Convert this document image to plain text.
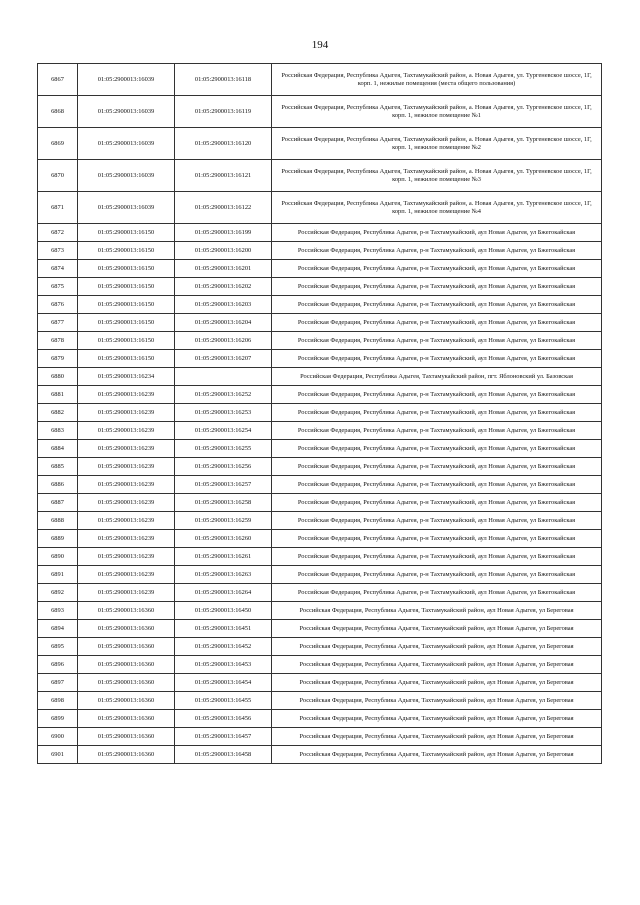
194
6867	01:05:2900013:16039	01:05:2900013:16118	Российская Федерация, Республика Адыгея, Тахтамукайский район, а. Новая Адыгея, ул. Тургеневское шоссе, 1Г, корп. 1, нежилые помещения (места общего пользования)
6868	01:05:2900013:16039	01:05:2900013:16119	Российская Федерация, Республика Адыгея, Тахтамукайский район, а. Новая Адыгея, ул. Тургеневское шоссе, 1Г, корп. 1, нежилое помещение №1
6869	01:05:2900013:16039	01:05:2900013:16120	Российская Федерация, Республика Адыгея, Тахтамукайский район, а. Новая Адыгея, ул. Тургеневское шоссе, 1Г, корп. 1, нежилое помещение №2
6870	01:05:2900013:16039	01:05:2900013:16121	Российская Федерация, Республика Адыгея, Тахтамукайский район, а. Новая Адыгея, ул. Тургеневское шоссе, 1Г, корп. 1, нежилое помещение №3
6871	01:05:2900013:16039	01:05:2900013:16122	Российская Федерация, Республика Адыгея, Тахтамукайский район, а. Новая Адыгея, ул. Тургеневское шоссе, 1Г, корп. 1, нежилое помещение №4
6872	01:05:2900013:16150	01:05:2900013:16199	Российская Федерация, Республика Адыгея, р-н Тахтамукайский, аул Новая Адыгея, ул Бжегокайская
6873	01:05:2900013:16150	01:05:2900013:16200	Российская Федерация, Республика Адыгея, р-н Тахтамукайский, аул Новая Адыгея, ул Бжегокайская
6874	01:05:2900013:16150	01:05:2900013:16201	Российская Федерация, Республика Адыгея, р-н Тахтамукайский, аул Новая Адыгея, ул Бжегокайская
6875	01:05:2900013:16150	01:05:2900013:16202	Российская Федерация, Республика Адыгея, р-н Тахтамукайский, аул Новая Адыгея, ул Бжегокайская
6876	01:05:2900013:16150	01:05:2900013:16203	Российская Федерация, Республика Адыгея, р-н Тахтамукайский, аул Новая Адыгея, ул Бжегокайская
6877	01:05:2900013:16150	01:05:2900013:16204	Российская Федерация, Республика Адыгея, р-н Тахтамукайский, аул Новая Адыгея, ул Бжегокайская
6878	01:05:2900013:16150	01:05:2900013:16206	Российская Федерация, Республика Адыгея, р-н Тахтамукайский, аул Новая Адыгея, ул Бжегокайская
6879	01:05:2900013:16150	01:05:2900013:16207	Российская Федерация, Республика Адыгея, р-н Тахтамукайский, аул Новая Адыгея, ул Бжегокайская
6880	01:05:2900013:16234		Российская Федерация, Республика Адыгея, Тахтамукайский район, пгт. Яблоновский ул. Базовская
6881	01:05:2900013:16239	01:05:2900013:16252	Российская Федерация, Республика Адыгея, р-н Тахтамукайский, аул Новая Адыгея, ул Бжегокайская
6882	01:05:2900013:16239	01:05:2900013:16253	Российская Федерация, Республика Адыгея, р-н Тахтамукайский, аул Новая Адыгея, ул Бжегокайская
6883	01:05:2900013:16239	01:05:2900013:16254	Российская Федерация, Республика Адыгея, р-н Тахтамукайский, аул Новая Адыгея, ул Бжегокайская
6884	01:05:2900013:16239	01:05:2900013:16255	Российская Федерация, Республика Адыгея, р-н Тахтамукайский, аул Новая Адыгея, ул Бжегокайская
6885	01:05:2900013:16239	01:05:2900013:16256	Российская Федерация, Республика Адыгея, р-н Тахтамукайский, аул Новая Адыгея, ул Бжегокайская
6886	01:05:2900013:16239	01:05:2900013:16257	Российская Федерация, Республика Адыгея, р-н Тахтамукайский, аул Новая Адыгея, ул Бжегокайская
6887	01:05:2900013:16239	01:05:2900013:16258	Российская Федерация, Республика Адыгея, р-н Тахтамукайский, аул Новая Адыгея, ул Бжегокайская
6888	01:05:2900013:16239	01:05:2900013:16259	Российская Федерация, Республика Адыгея, р-н Тахтамукайский, аул Новая Адыгея, ул Бжегокайская
6889	01:05:2900013:16239	01:05:2900013:16260	Российская Федерация, Республика Адыгея, р-н Тахтамукайский, аул Новая Адыгея, ул Бжегокайская
6890	01:05:2900013:16239	01:05:2900013:16261	Российская Федерация, Республика Адыгея, р-н Тахтамукайский, аул Новая Адыгея, ул Бжегокайская
6891	01:05:2900013:16239	01:05:2900013:16263	Российская Федерация, Республика Адыгея, р-н Тахтамукайский, аул Новая Адыгея, ул Бжегокайская
6892	01:05:2900013:16239	01:05:2900013:16264	Российская Федерация, Республика Адыгея, р-н Тахтамукайский, аул Новая Адыгея, ул Бжегокайская
6893	01:05:2900013:16360	01:05:2900013:16450	Российская Федерация, Республика Адыгея, Тахтамукайский район, аул Новая Адыгея, ул Береговая
6894	01:05:2900013:16360	01:05:2900013:16451	Российская Федерация, Республика Адыгея, Тахтамукайский район, аул Новая Адыгея, ул Береговая
6895	01:05:2900013:16360	01:05:2900013:16452	Российская Федерация, Республика Адыгея, Тахтамукайский район, аул Новая Адыгея, ул Береговая
6896	01:05:2900013:16360	01:05:2900013:16453	Российская Федерация, Республика Адыгея, Тахтамукайский район, аул Новая Адыгея, ул Береговая
6897	01:05:2900013:16360	01:05:2900013:16454	Российская Федерация, Республика Адыгея, Тахтамукайский район, аул Новая Адыгея, ул Береговая
6898	01:05:2900013:16360	01:05:2900013:16455	Российская Федерация, Республика Адыгея, Тахтамукайский район, аул Новая Адыгея, ул Береговая
6899	01:05:2900013:16360	01:05:2900013:16456	Российская Федерация, Республика Адыгея, Тахтамукайский район, аул Новая Адыгея, ул Береговая
6900	01:05:2900013:16360	01:05:2900013:16457	Российская Федерация, Республика Адыгея, Тахтамукайский район, аул Новая Адыгея, ул Береговая
6901	01:05:2900013:16360	01:05:2900013:16458	Российская Федерация, Республика Адыгея, Тахтамукайский район, аул Новая Адыгея, ул Береговая
